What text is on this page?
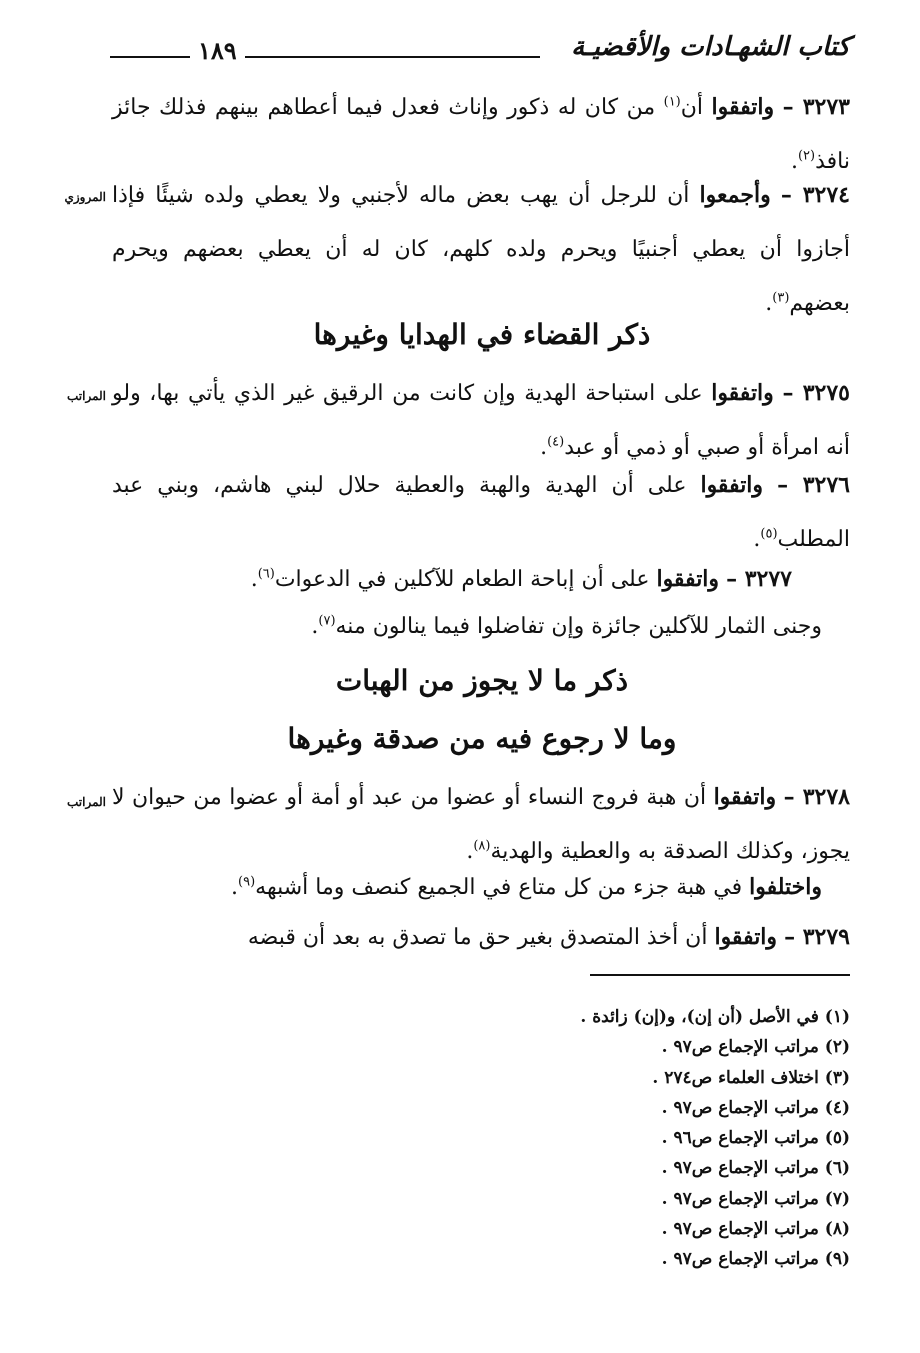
١٨٩	كتاب الشهـادات والأقضيـة
٣٢٧٣ – واتفقوا أن$^{(١)}$ من كان له ذكور وإناث فعدل فيما أعطاهم بينهم فذلك جائز نافذ$^{(٢)}$.
المروزي	٣٢٧٤ – وأجمعوا أن للرجل أن يهب بعض ماله لأجنبي ولا يعطي ولده شيئًا فإذا أجازوا أن يعطي أجنبيًا ويحرم ولده كلهم، كان له أن يعطي بعضهم ويحرم بعضهم$^{(٣)}$.
ذكر القضاء في الهدايا وغيرها
المراتب	٣٢٧٥ – واتفقوا على استباحة الهدية وإن كانت من الرقيق غير الذي يأتي بها، ولو أنه امرأة أو صبي أو ذمي أو عبد$^{(٤)}$.
٣٢٧٦ – واتفقوا على أن الهدية والهبة والعطية حلال لبني هاشم، وبني عبد المطلب$^{(٥)}$.
٣٢٧٧ – واتفقوا على أن إباحة الطعام للآكلين في الدعوات$^{(٦)}$.
وجنى الثمار للآكلين جائزة وإن تفاضلوا فيما ينالون منه$^{(٧)}$.
ذكر ما لا يجوز من الهبات
وما لا رجوع فيه من صدقة وغيرها
المراتب	٣٢٧٨ – واتفقوا أن هبة فروج النساء أو عضوا من عبد أو أمة أو عضوا من حيوان لا يجوز، وكذلك الصدقة به والعطية والهدية$^{(٨)}$.
واختلفوا في هبة جزء من كل متاع في الجميع كنصف وما أشبهه$^{(٩)}$.
٣٢٧٩ – واتفقوا أن أخذ المتصدق بغير حق ما تصدق به بعد أن قبضه
(١) في الأصل (أن إن)، و(إن) زائدة .
(٢) مراتب الإجماع ص٩٧ .
(٣) اختلاف العلماء ص٢٧٤ .
(٤) مراتب الإجماع ص٩٧ .
(٥) مراتب الإجماع ص٩٦ .
(٦) مراتب الإجماع ص٩٧ .
(٧) مراتب الإجماع ص٩٧ .
(٨) مراتب الإجماع ص٩٧ .
(٩) مراتب الإجماع ص٩٧ .
